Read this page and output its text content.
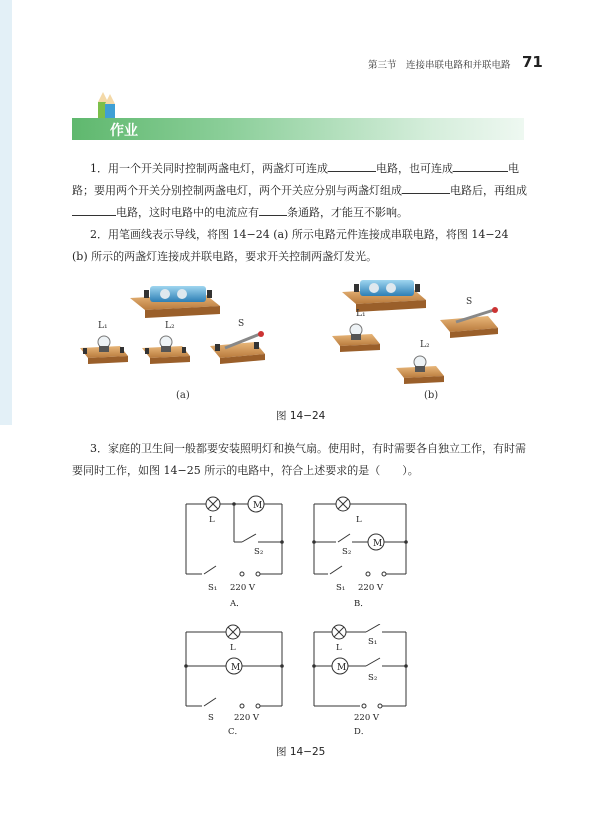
第三节　连接串联电路和并联电路 71
作业

1．用一个开关同时控制两盏电灯，两盏灯可连成	电路，也可连成	电路；要用两个开关分别控制两盏电灯，两个开关应分别与两盏灯组成	电路后，再组成电路，这时电路中的电流应有	条通路，才能互不影响。

2．用笔画线表示导线，将图 14−24 (a) 所示电路元件连接成串联电路，将图 14−24 (b) 所示的两盏灯连接成并联电路，要求开关控制两盏灯发光。

L₁	L₂	S
(a)
S
L₁
L₂
(b)
图 14−24

3．家庭的卫生间一般都要安装照明灯和换气扇。使用时，有时需要各自独立工作，有时需要同时工作，如图 14−25 所示的电路中，符合上述要求的是（　　）。

M
L
S₂
S₁ 220 V
A．
M
L
S₂
S₁ 220 V
B．
M
L
S 220 V
C．
M
L
S₁
S₂
220 V
D．
图 14−25
